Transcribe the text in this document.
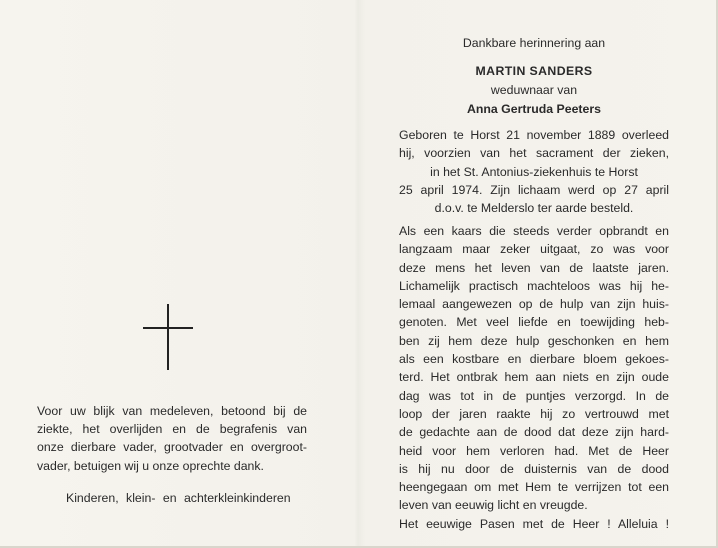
Voor uw blijk van medeleven, betoond bij de
ziekte, het overlijden en de begrafenis van
onze dierbare vader, grootvader en overgroot-
vader, betuigen wij u onze oprechte dank.
Kinderen, klein- en achterkleinkinderen
Dankbare herinnering aan
MARTIN SANDERS
weduwnaar van
Anna Gertruda Peeters
Geboren te Horst 21 november 1889 overleed
hij, voorzien van het sacrament der zieken,
in het St. Antonius-ziekenhuis te Horst
25 april 1974. Zijn lichaam werd op 27 april
d.o.v. te Melderslo ter aarde besteld.
Als een kaars die steeds verder opbrandt en
langzaam maar zeker uitgaat, zo was voor
deze mens het leven van de laatste jaren.
Lichamelijk practisch machteloos was hij he-
lemaal aangewezen op de hulp van zijn huis-
genoten. Met veel liefde en toewijding heb-
ben zij hem deze hulp geschonken en hem
als een kostbare en dierbare bloem gekoes-
terd. Het ontbrak hem aan niets en zijn oude
dag was tot in de puntjes verzorgd. In de
loop der jaren raakte hij zo vertrouwd met
de gedachte aan de dood dat deze zijn hard-
heid voor hem verloren had. Met de Heer
is hij nu door de duisternis van de dood
heengegaan om met Hem te verrijzen tot een
leven van eeuwig licht en vreugde.
Het eeuwige Pasen met de Heer ! Alleluia !
